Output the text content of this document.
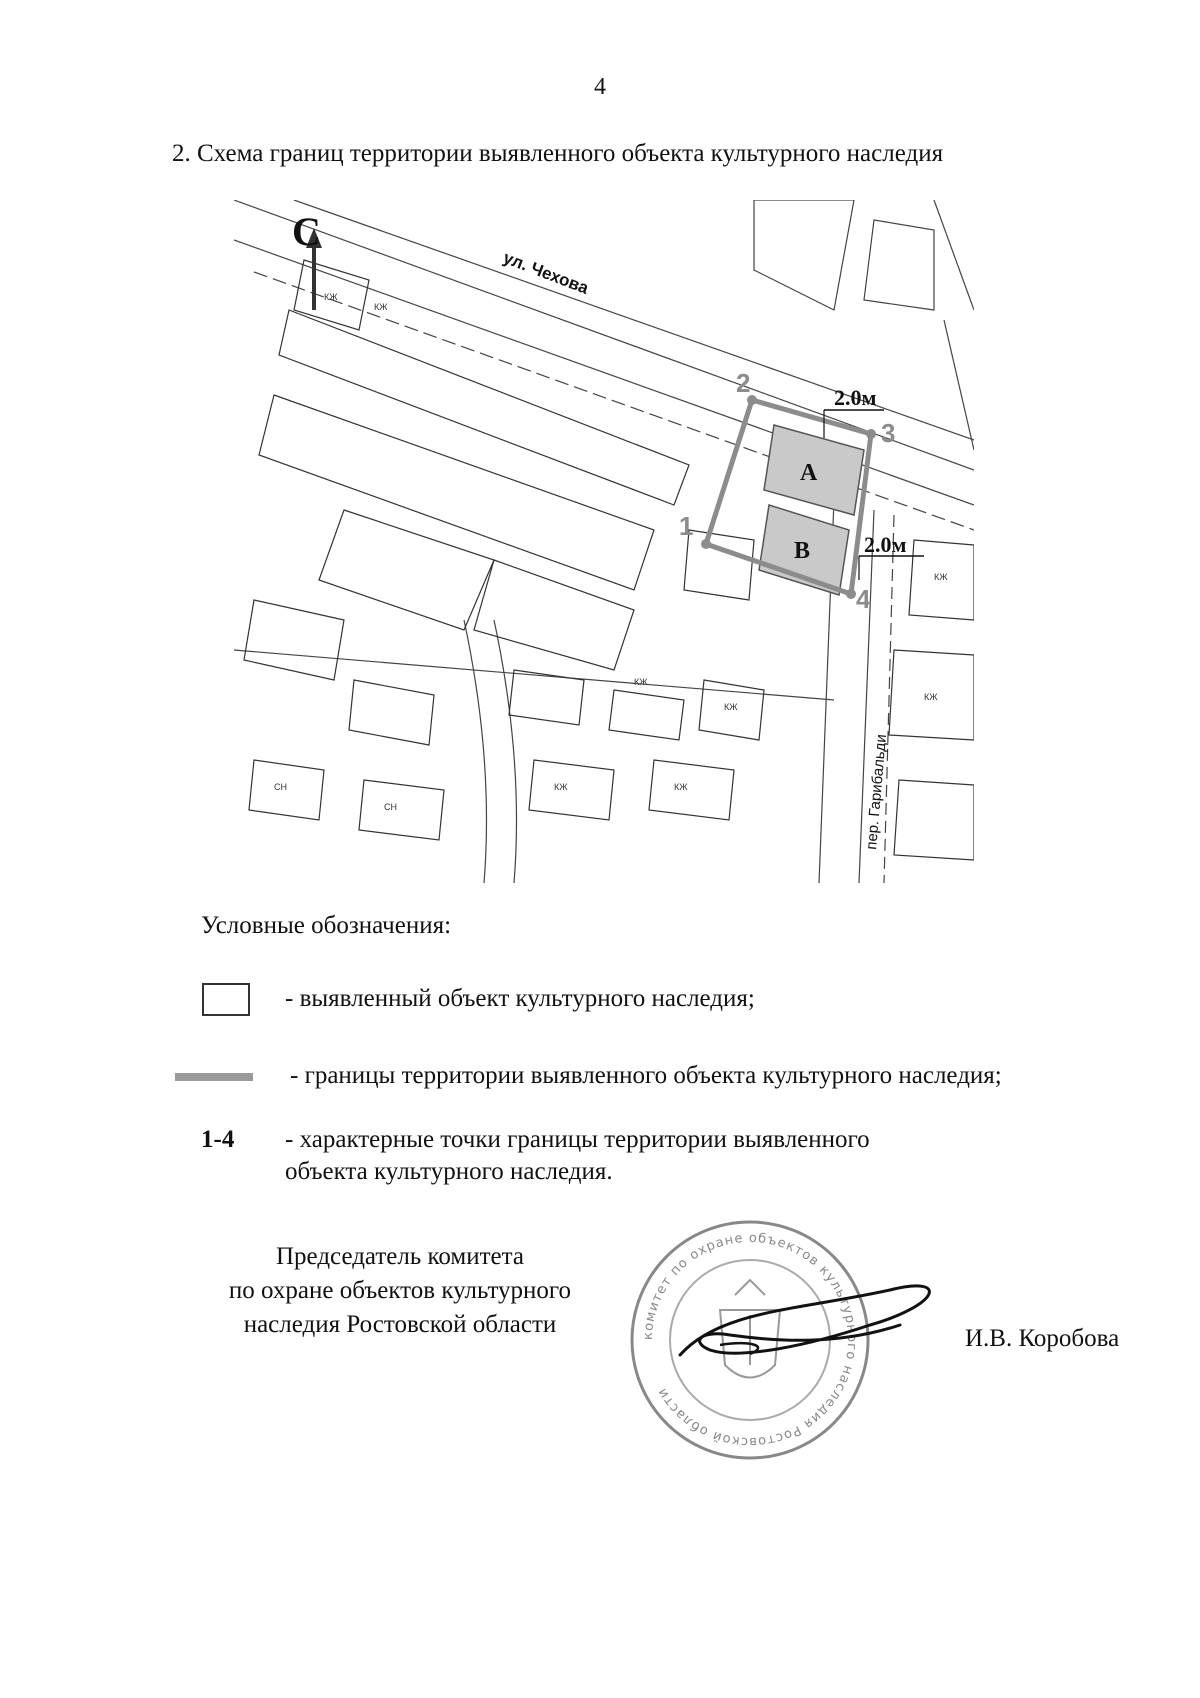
4
2. Схема границ территории выявленного объекта культурного наследия
С
ул. Чехова
пер. Гарибальди
1
2
3
4
А
В
2.0м
2.0м
КЖ
КЖ
КЖ
КЖ
КЖ	КЖ
КЖ
КЖ
СН
СН
Условные обозначения:
- выявленный объект культурного наследия;
- границы территории выявленного объекта культурного наследия;
1-4 - характерные точки границы территории выявленного
объекта культурного наследия.
Председатель комитета
по охране объектов культурного
наследия Ростовской области	комитет по охране объектов культурного наследия Ростовской области
И.В. Коробова
